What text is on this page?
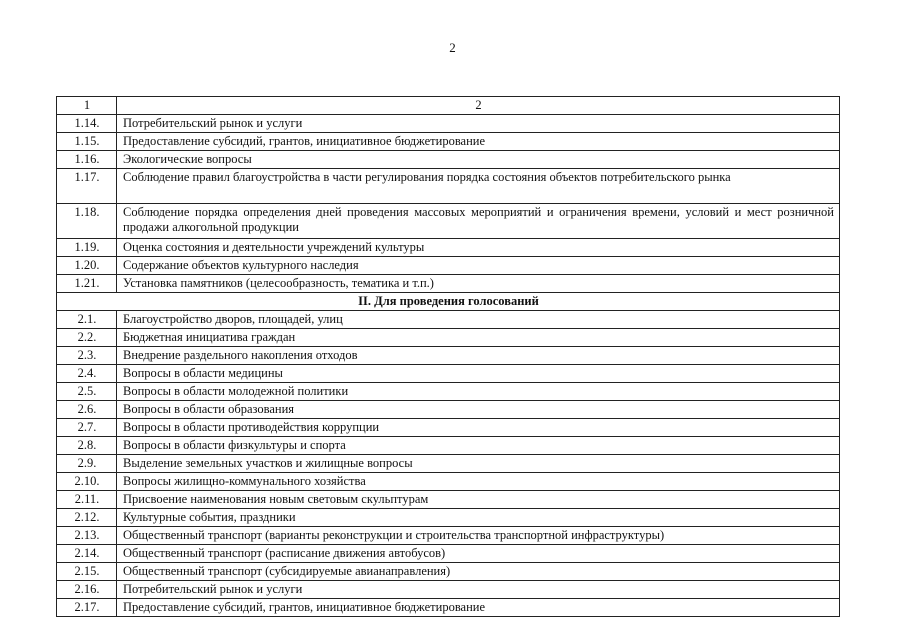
2
1	2
1.14.	Потребительский рынок и услуги
1.15.	Предоставление субсидий, грантов, инициативное бюджетирование
1.16.	Экологические вопросы
1.17.	Соблюдение правил благоустройства в части регулирования порядка состояния объектов потребительского рынка
1.18.	Соблюдение порядка определения дней проведения массовых мероприятий и ограничения времени, условий и мест розничной продажи алкогольной продукции
1.19.	Оценка состояния и деятельности учреждений культуры
1.20.	Содержание объектов культурного наследия
1.21.	Установка памятников (целесообразность, тематика и т.п.)
II. Для проведения голосований	
2.1.	Благоустройство дворов, площадей, улиц
2.2.	Бюджетная инициатива граждан
2.3.	Внедрение раздельного накопления отходов
2.4.	Вопросы в области медицины
2.5.	Вопросы в области молодежной политики
2.6.	Вопросы в области образования
2.7.	Вопросы в области противодействия коррупции
2.8.	Вопросы в области физкультуры и спорта
2.9.	Выделение земельных участков и жилищные вопросы
2.10.	Вопросы жилищно-коммунального хозяйства
2.11.	Присвоение наименования новым световым скульптурам
2.12.	Культурные события, праздники
2.13.	Общественный транспорт (варианты реконструкции и строительства транспортной инфраструктуры)
2.14.	Общественный транспорт (расписание движения автобусов)
2.15.	Общественный транспорт (субсидируемые авианаправления)
2.16.	Потребительский рынок и услуги
2.17.	Предоставление субсидий, грантов, инициативное бюджетирование
